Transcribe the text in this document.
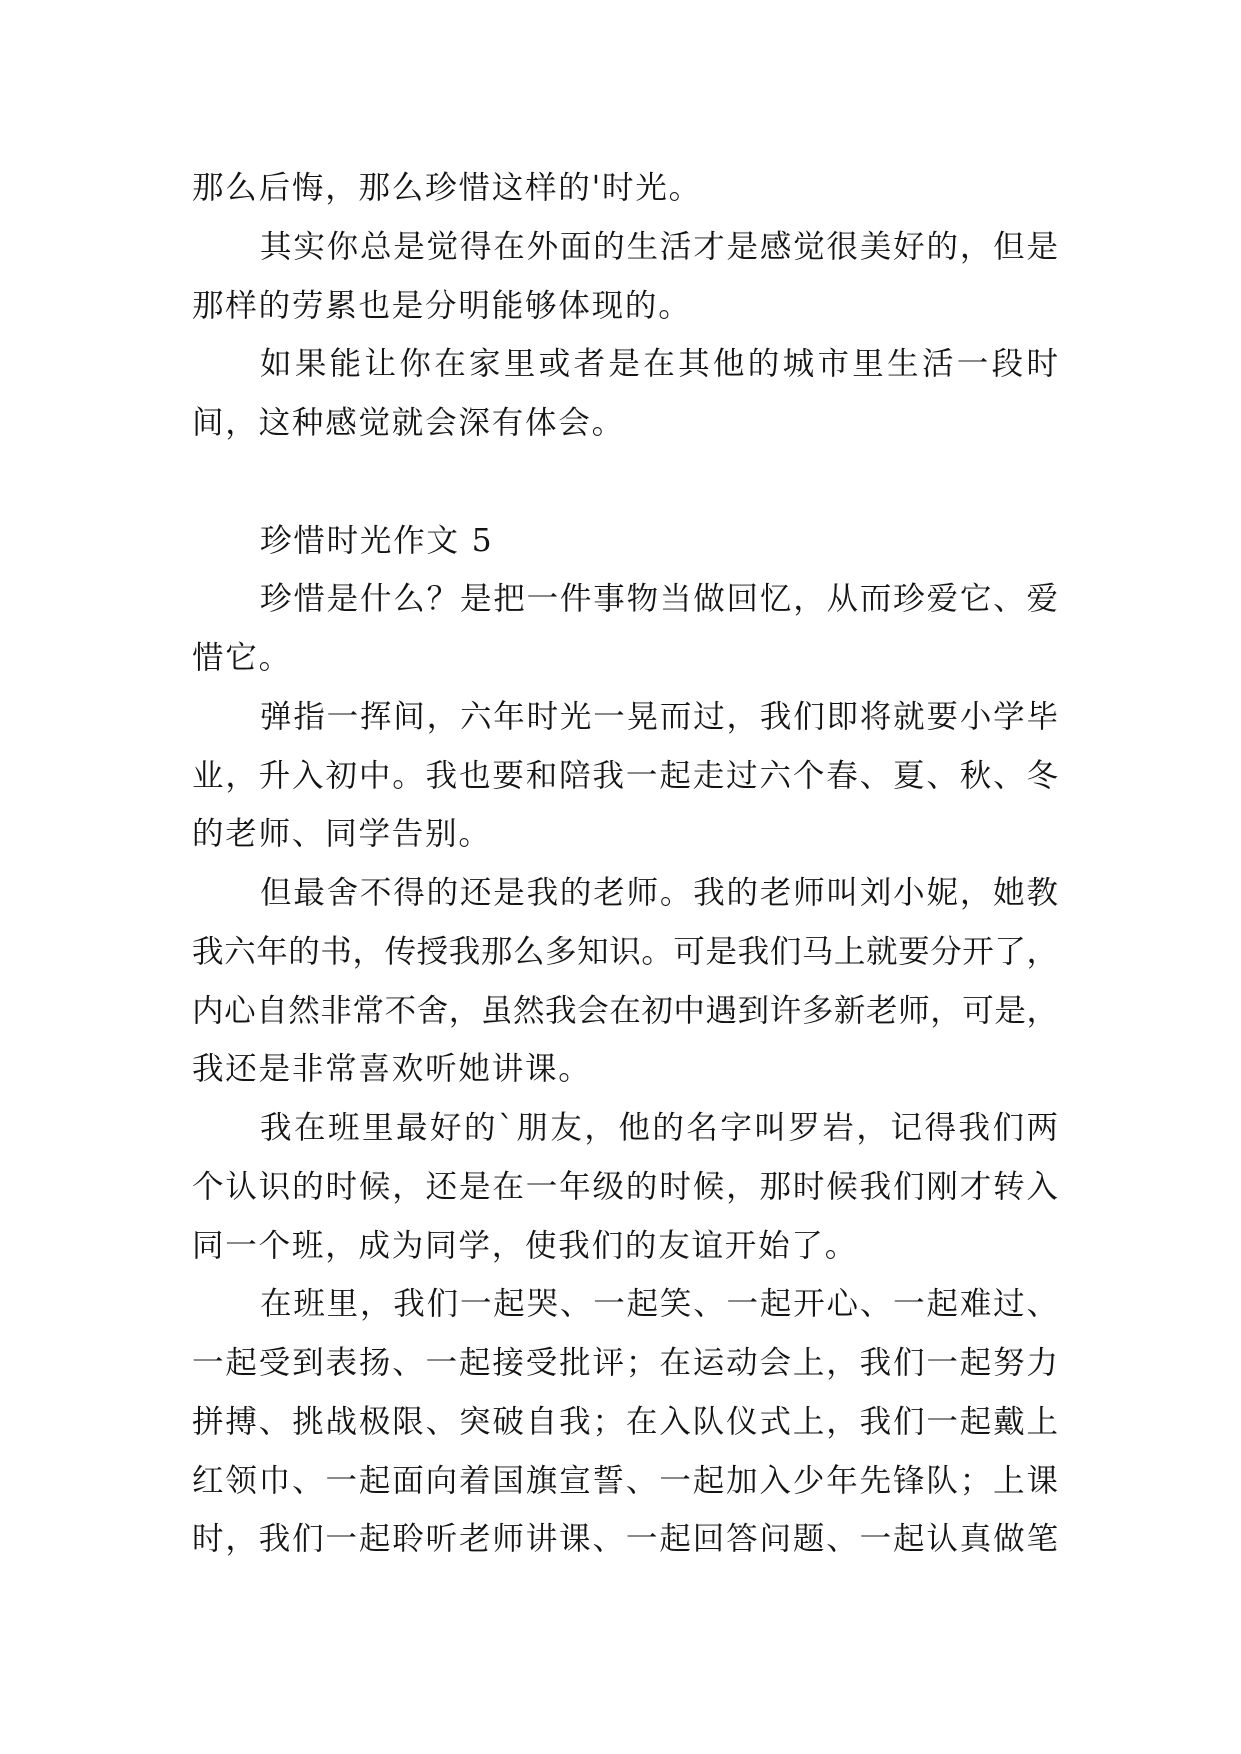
那么后悔，那么珍惜这样的'时光。
其实你总是觉得在外面的生活才是感觉很美好的，但是
那样的劳累也是分明能够体现的。
如果能让你在家里或者是在其他的城市里生活一段时
间，这种感觉就会深有体会。
珍惜时光作文 5
珍惜是什么？是把一件事物当做回忆，从而珍爱它、爱
惜它。
弹指一挥间，六年时光一晃而过，我们即将就要小学毕
业，升入初中。我也要和陪我一起走过六个春、夏、秋、冬
的老师、同学告别。
但最舍不得的还是我的老师。我的老师叫刘小妮，她教
我六年的书，传授我那么多知识。可是我们马上就要分开了，
内心自然非常不舍，虽然我会在初中遇到许多新老师，可是，
我还是非常喜欢听她讲课。
我在班里最好的`朋友，他的名字叫罗岩，记得我们两
个认识的时候，还是在一年级的时候，那时候我们刚才转入
同一个班，成为同学，使我们的友谊开始了。
在班里，我们一起哭、一起笑、一起开心、一起难过、
一起受到表扬、一起接受批评；在运动会上，我们一起努力
拼搏、挑战极限、突破自我；在入队仪式上，我们一起戴上
红领巾、一起面向着国旗宣誓、一起加入少年先锋队；上课
时，我们一起聆听老师讲课、一起回答问题、一起认真做笔
